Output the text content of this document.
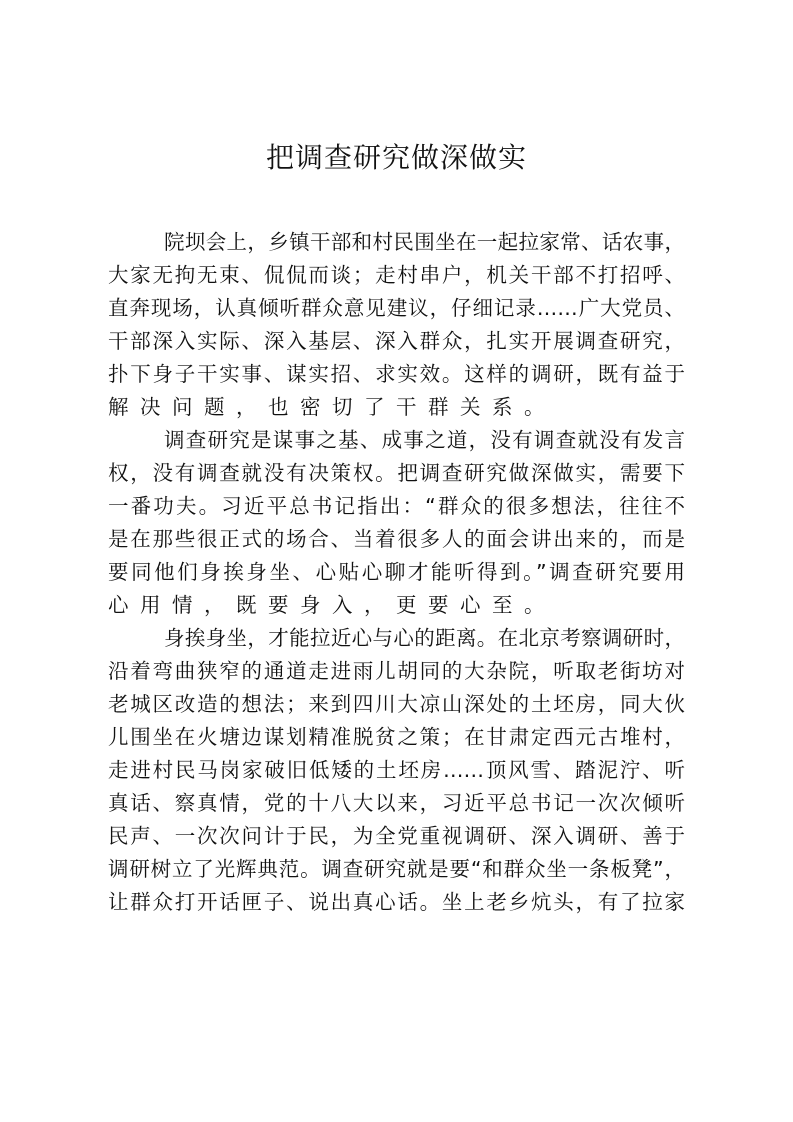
把调查研究做深做实
院坝会上，乡镇干部和村民围坐在一起拉家常、话农事，
大家无拘无束、侃侃而谈；走村串户，机关干部不打招呼、
直奔现场，认真倾听群众意见建议，仔细记录……广大党员、
干部深入实际、深入基层、深入群众，扎实开展调查研究，
扑下身子干实事、谋实招、求实效。这样的调研，既有益于
解决问题，也密切了干群关系。
调查研究是谋事之基、成事之道，没有调查就没有发言
权，没有调查就没有决策权。把调查研究做深做实，需要下
一番功夫。习近平总书记指出：“群众的很多想法，往往不
是在那些很正式的场合、当着很多人的面会讲出来的，而是
要同他们身挨身坐、心贴心聊才能听得到。”调查研究要用
心用情，既要身入，更要心至。
身挨身坐，才能拉近心与心的距离。在北京考察调研时，
沿着弯曲狭窄的通道走进雨儿胡同的大杂院，听取老街坊对
老城区改造的想法；来到四川大凉山深处的土坯房，同大伙
儿围坐在火塘边谋划精准脱贫之策；在甘肃定西元古堆村，
走进村民马岗家破旧低矮的土坯房……顶风雪、踏泥泞、听
真话、察真情，党的十八大以来，习近平总书记一次次倾听
民声、一次次问计于民，为全党重视调研、深入调研、善于
调研树立了光辉典范。调查研究就是要“和群众坐一条板凳”，
让群众打开话匣子、说出真心话。坐上老乡炕头，有了拉家
